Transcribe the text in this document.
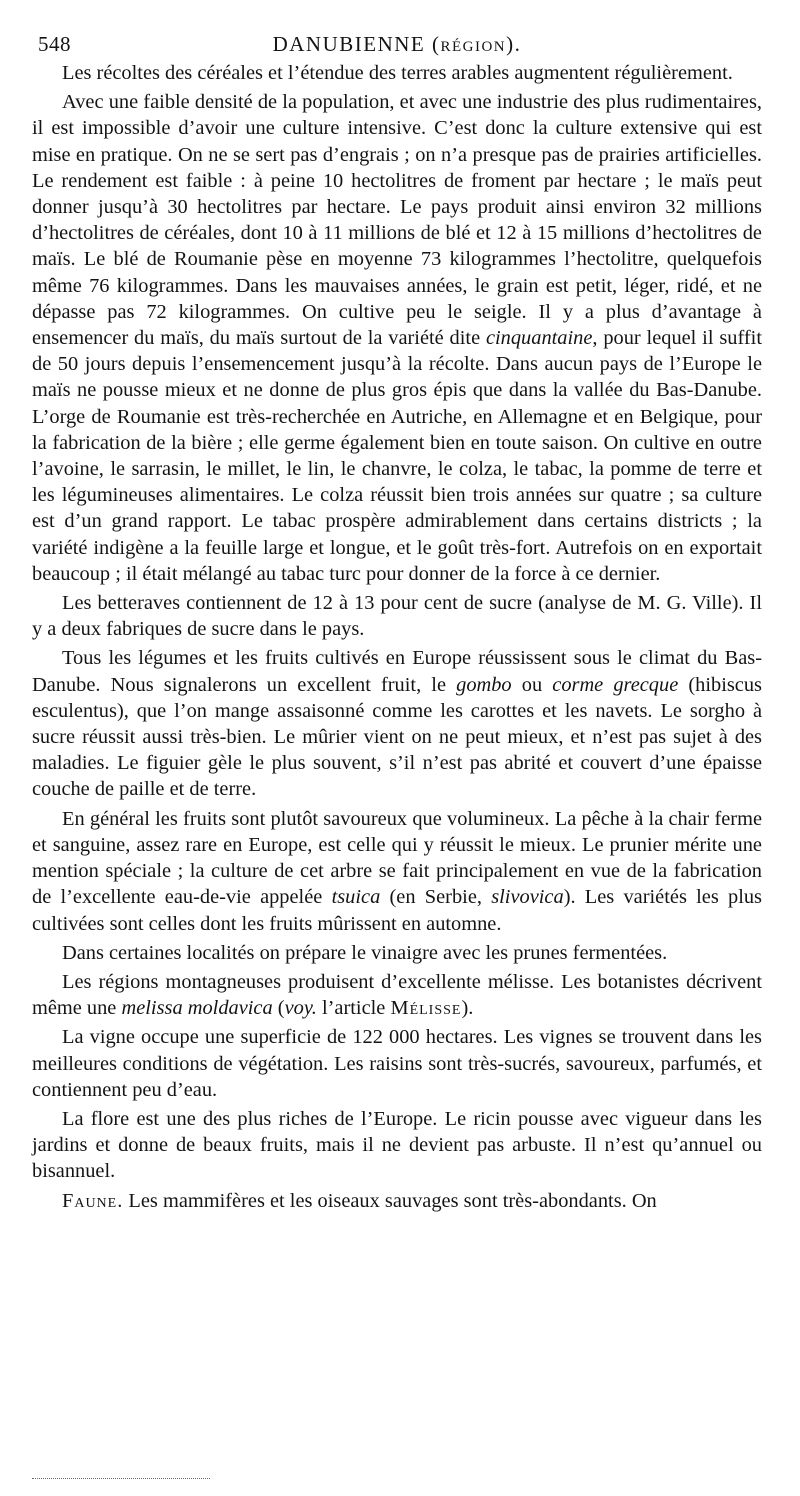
548	DANUBIENNE (RÉGION).

Les récoltes des céréales et l’étendue des terres arables augmentent régulièrement.

Avec une faible densité de la population, et avec une industrie des plus rudimentaires, il est impossible d’avoir une culture intensive. C’est donc la culture extensive qui est mise en pratique. On ne se sert pas d’engrais ; on n’a presque pas de prairies artificielles. Le rendement est faible : à peine 10 hectolitres de froment par hectare ; le maïs peut donner jusqu’à 30 hectolitres par hectare. Le pays produit ainsi environ 32 millions d’hectolitres de céréales, dont 10 à 11 millions de blé et 12 à 15 millions d’hectolitres de maïs. Le blé de Roumanie pèse en moyenne 73 kilogrammes l’hectolitre, quelquefois même 76 kilogrammes. Dans les mauvaises années, le grain est petit, léger, ridé, et ne dépasse pas 72 kilogrammes. On cultive peu le seigle. Il y a plus d’avantage à ensemencer du maïs, du maïs surtout de la variété dite cinquantaine, pour lequel il suffit de 50 jours depuis l’ensemencement jusqu’à la récolte. Dans aucun pays de l’Europe le maïs ne pousse mieux et ne donne de plus gros épis que dans la vallée du Bas-Danube. L’orge de Roumanie est très-recherchée en Autriche, en Allemagne et en Belgique, pour la fabrication de la bière ; elle germe également bien en toute saison. On cultive en outre l’avoine, le sarrasin, le millet, le lin, le chanvre, le colza, le tabac, la pomme de terre et les légumineuses alimentaires. Le colza réussit bien trois années sur quatre ; sa culture est d’un grand rapport. Le tabac prospère admirablement dans certains districts ; la variété indigène a la feuille large et longue, et le goût très-fort. Autrefois on en exportait beaucoup ; il était mélangé au tabac turc pour donner de la force à ce dernier.

Les betteraves contiennent de 12 à 13 pour cent de sucre (analyse de M. G. Ville). Il y a deux fabriques de sucre dans le pays.

Tous les légumes et les fruits cultivés en Europe réussissent sous le climat du Bas-Danube. Nous signalerons un excellent fruit, le gombo ou corme grecque (hibiscus esculentus), que l’on mange assaisonné comme les carottes et les navets. Le sorgho à sucre réussit aussi très-bien. Le mûrier vient on ne peut mieux, et n’est pas sujet à des maladies. Le figuier gèle le plus souvent, s’il n’est pas abrité et couvert d’une épaisse couche de paille et de terre.

En général les fruits sont plutôt savoureux que volumineux. La pêche à la chair ferme et sanguine, assez rare en Europe, est celle qui y réussit le mieux. Le prunier mérite une mention spéciale ; la culture de cet arbre se fait principalement en vue de la fabrication de l’excellente eau-de-vie appelée tsuica (en Serbie, slivovica). Les variétés les plus cultivées sont celles dont les fruits mûrissent en automne.

Dans certaines localités on prépare le vinaigre avec les prunes fermentées.

Les régions montagneuses produisent d’excellente mélisse. Les botanistes décrivent même une melissa moldavica (voy. l’article Mélisse).

La vigne occupe une superficie de 122 000 hectares. Les vignes se trouvent dans les meilleures conditions de végétation. Les raisins sont très-sucrés, savoureux, parfumés, et contiennent peu d’eau.

La flore est une des plus riches de l’Europe. Le ricin pousse avec vigueur dans les jardins et donne de beaux fruits, mais il ne devient pas arbuste. Il n’est qu’annuel ou bisannuel.

Faune. Les mammifères et les oiseaux sauvages sont très-abondants. On
